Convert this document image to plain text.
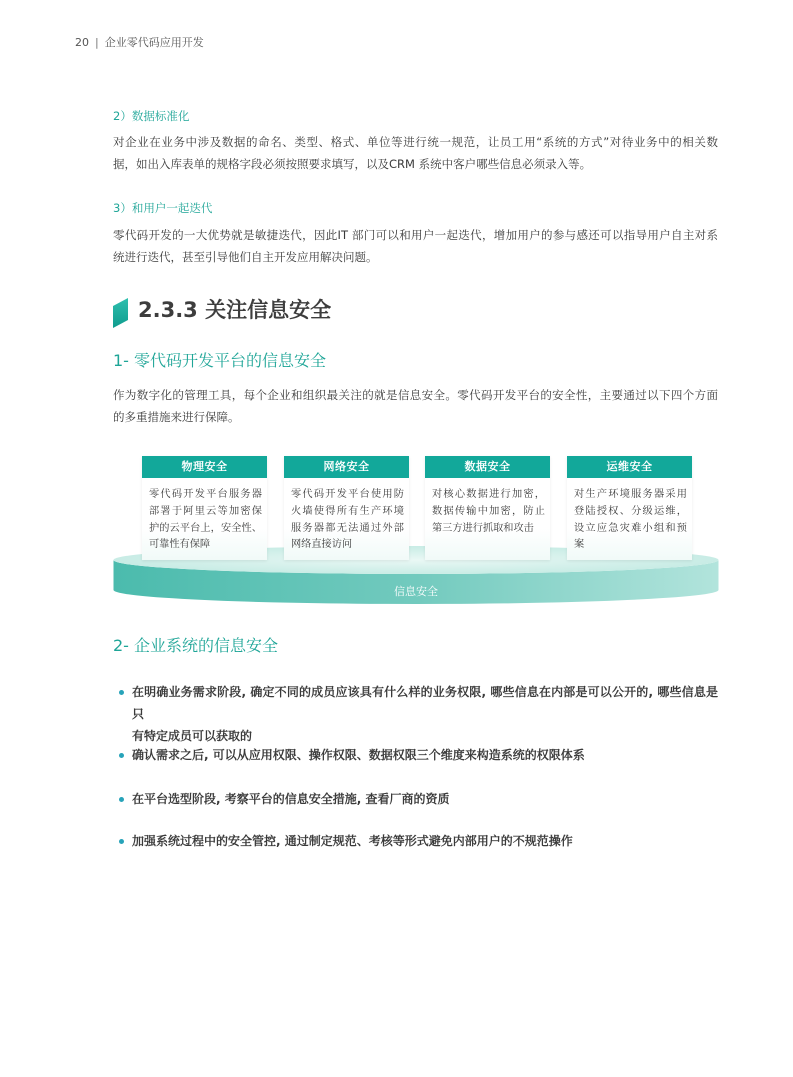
20 | 企业零代码应用开发
2）数据标准化
对企业在业务中涉及数据的命名、类型、格式、单位等进行统一规范，让员工用“系统的方式”对待业务中的相关数
据，如出入库表单的规格字段必须按照要求填写，以及CRM 系统中客户哪些信息必须录入等。
3）和用户一起迭代
零代码开发的一大优势就是敏捷迭代，因此IT 部门可以和用户一起迭代，增加用户的参与感还可以指导用户自主对系
统进行迭代，甚至引导他们自主开发应用解决问题。
2.3.3 关注信息安全
1- 零代码开发平台的信息安全
作为数字化的管理工具，每个企业和组织最关注的就是信息安全。零代码开发平台的安全性，主要通过以下四个方面
的多重措施来进行保障。
信息安全
物理安全
零代码开发平台服务器
部署于阿里云等加密保
护的云平台上，安全性、
可靠性有保障
网络安全
零代码开发平台使用防
火墙使得所有生产环境
服务器都无法通过外部
网络直接访问
数据安全
对核心数据进行加密，
数据传输中加密，防止
第三方进行抓取和攻击
运维安全
对生产环境服务器采用
登陆授权、分级运维，
设立应急灾难小组和预
案
2- 企业系统的信息安全
在明确业务需求阶段, 确定不同的成员应该具有什么样的业务权限, 哪些信息在内部是可以公开的, 哪些信息是只
有特定成员可以获取的
确认需求之后, 可以从应用权限、操作权限、数据权限三个维度来构造系统的权限体系
在平台选型阶段, 考察平台的信息安全措施, 查看厂商的资质
加强系统过程中的安全管控, 通过制定规范、考核等形式避免内部用户的不规范操作
